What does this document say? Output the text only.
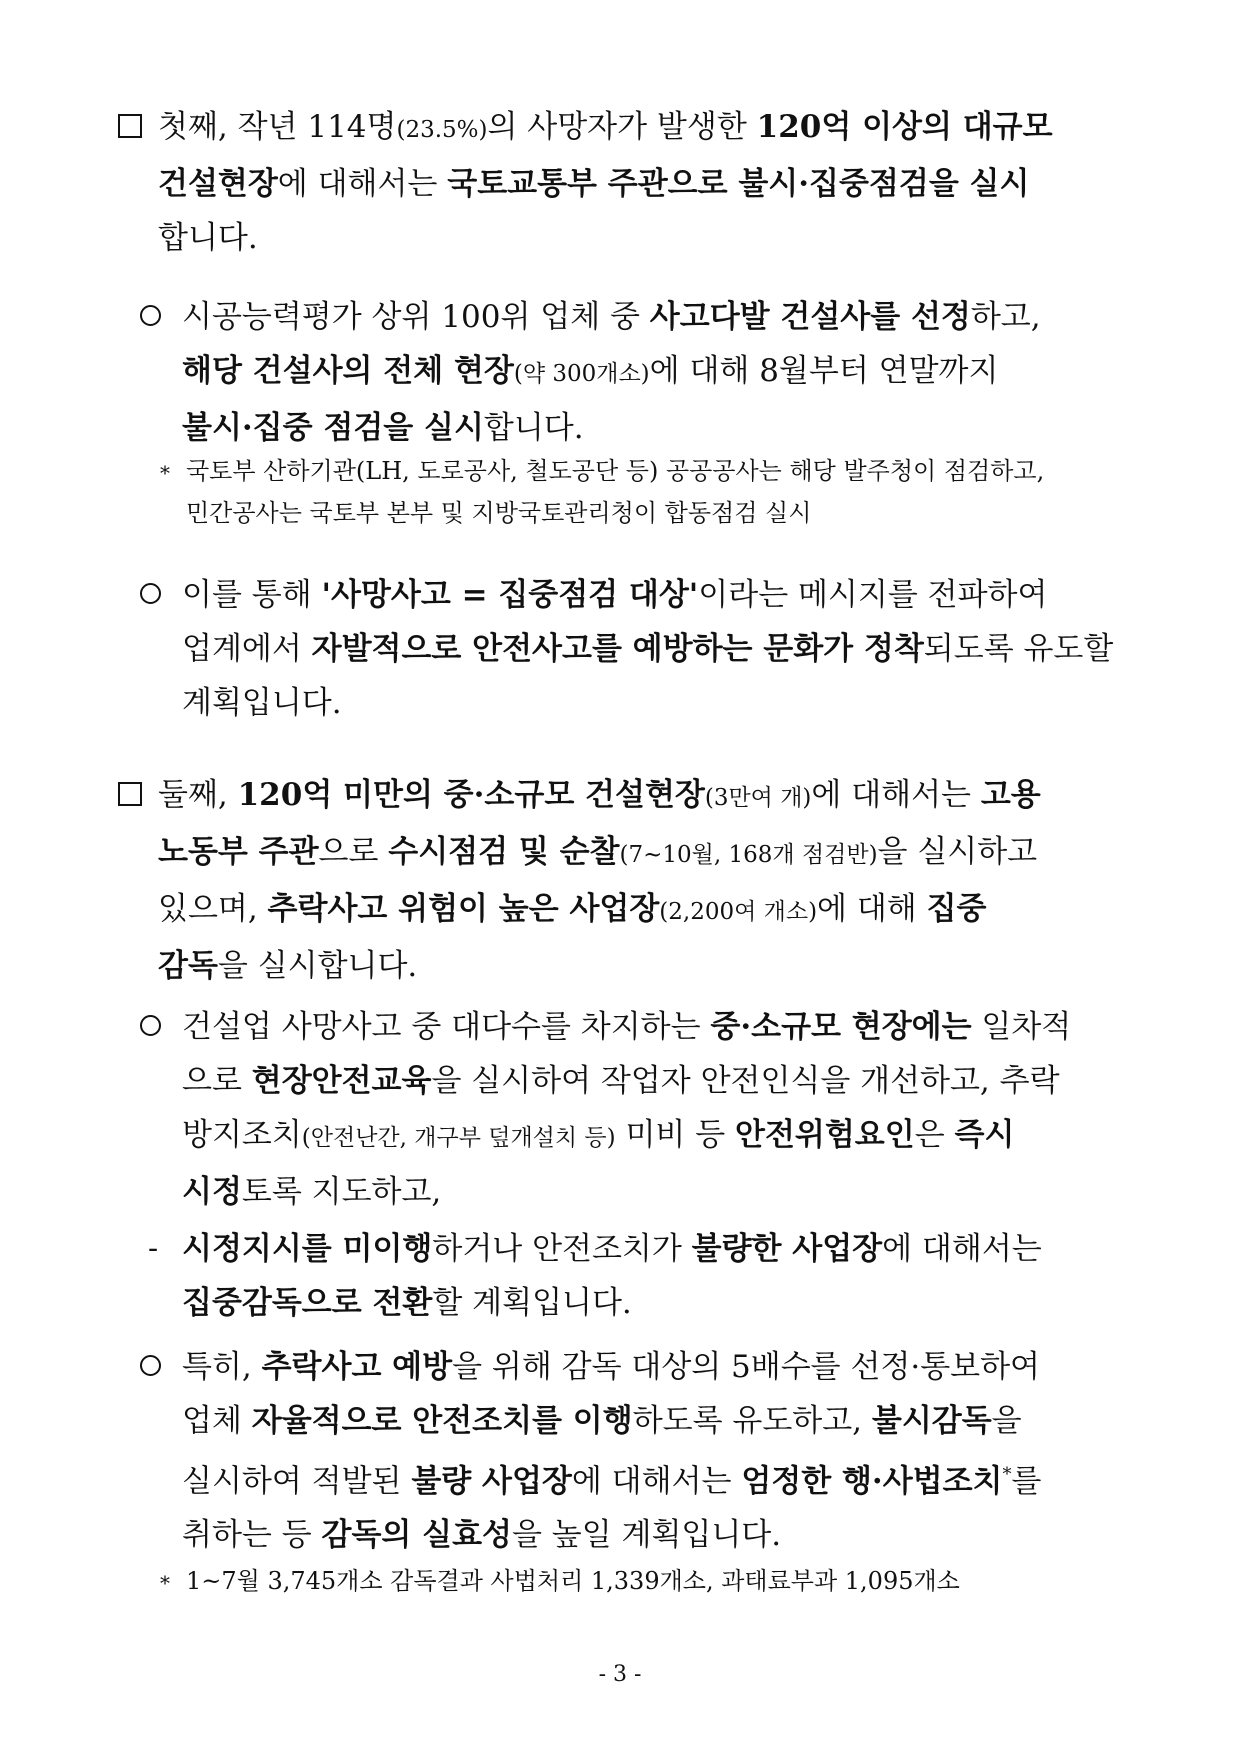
첫째, 작년 114명(23.5%)의 사망자가 발생한 120억 이상의 대규모
건설현장에 대해서는 국토교통부 주관으로 불시·집중점검을 실시
합니다.
시공능력평가 상위 100위 업체 중 사고다발 건설사를 선정하고,
해당 건설사의 전체 현장(약 300개소)에 대해 8월부터 연말까지
불시·집중 점검을 실시합니다.
* 국토부 산하기관(LH, 도로공사, 철도공단 등) 공공공사는 해당 발주청이 점검하고,
민간공사는 국토부 본부 및 지방국토관리청이 합동점검 실시
이를 통해 '사망사고 = 집중점검 대상'이라는 메시지를 전파하여
업계에서 자발적으로 안전사고를 예방하는 문화가 정착되도록 유도할
계획입니다.
둘째, 120억 미만의 중·소규모 건설현장(3만여 개)에 대해서는 고용
노동부 주관으로 수시점검 및 순찰(7~10월, 168개 점검반)을 실시하고
있으며, 추락사고 위험이 높은 사업장(2,200여 개소)에 대해 집중
감독을 실시합니다.
건설업 사망사고 중 대다수를 차지하는 중·소규모 현장에는 일차적
으로 현장안전교육을 실시하여 작업자 안전인식을 개선하고, 추락
방지조치(안전난간, 개구부 덮개설치 등) 미비 등 안전위험요인은 즉시
시정토록 지도하고,
- 시정지시를 미이행하거나 안전조치가 불량한 사업장에 대해서는
집중감독으로 전환할 계획입니다.
특히, 추락사고 예방을 위해 감독 대상의 5배수를 선정·통보하여
업체 자율적으로 안전조치를 이행하도록 유도하고, 불시감독을
실시하여 적발된 불량 사업장에 대해서는 엄정한 행·사법조치*를
취하는 등 감독의 실효성을 높일 계획입니다.
* 1~7월 3,745개소 감독결과 사법처리 1,339개소, 과태료부과 1,095개소
- 3 -
